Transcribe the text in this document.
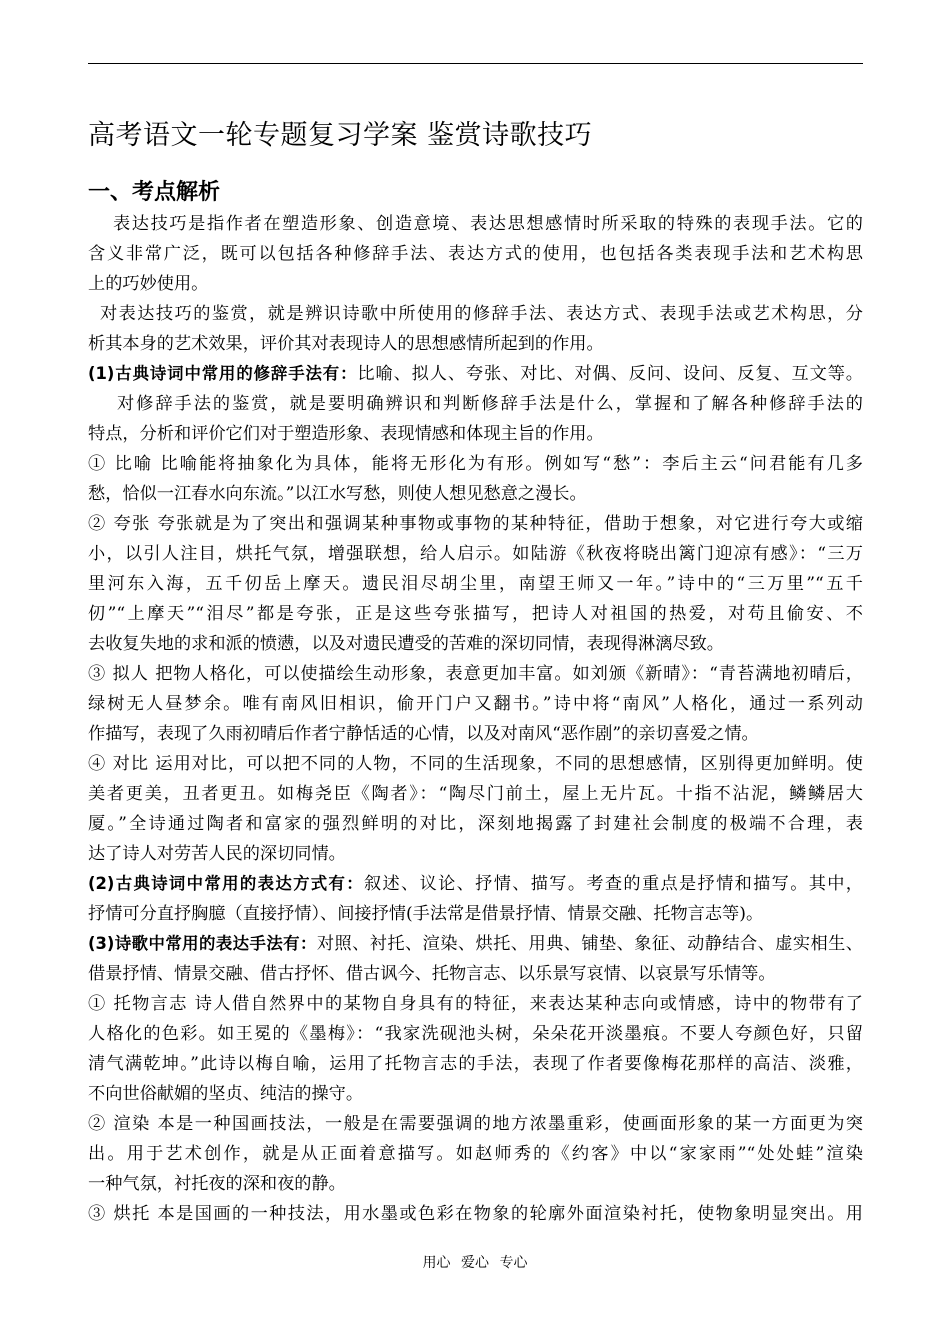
高考语文一轮专题复习学案 鉴赏诗歌技巧
一、考点解析
表达技巧是指作者在塑造形象、创造意境、表达思想感情时所采取的特殊的表现手法。它的
含义非常广泛，既可以包括各种修辞手法、表达方式的使用，也包括各类表现手法和艺术构思
上的巧妙使用。
对表达技巧的鉴赏，就是辨识诗歌中所使用的修辞手法、表达方式、表现手法或艺术构思，分
析其本身的艺术效果，评价其对表现诗人的思想感情所起到的作用。
(1)古典诗词中常用的修辞手法有：比喻、拟人、夸张、对比、对偶、反问、设问、反复、互文等。
对修辞手法的鉴赏，就是要明确辨识和判断修辞手法是什么，掌握和了解各种修辞手法的
特点，分析和评价它们对于塑造形象、表现情感和体现主旨的作用。
① 比喻 比喻能将抽象化为具体，能将无形化为有形。例如写“愁”：李后主云“问君能有几多
愁，恰似一江春水向东流。”以江水写愁，则使人想见愁意之漫长。
② 夸张 夸张就是为了突出和强调某种事物或事物的某种特征，借助于想象，对它进行夸大或缩
小，以引人注目，烘托气氛，增强联想，给人启示。如陆游《秋夜将晓出篱门迎凉有感》：“三万
里河东入海，五千仞岳上摩天。遗民泪尽胡尘里，南望王师又一年。”诗中的“三万里”“五千
仞”“上摩天”“泪尽”都是夸张，正是这些夸张描写，把诗人对祖国的热爱，对苟且偷安、不
去收复失地的求和派的愤懑，以及对遗民遭受的苦难的深切同情，表现得淋漓尽致。
③ 拟人 把物人格化，可以使描绘生动形象，表意更加丰富。如刘颁《新晴》：“青苔满地初晴后，
绿树无人昼梦余。唯有南风旧相识，偷开门户又翻书。”诗中将“南风”人格化，通过一系列动
作描写，表现了久雨初晴后作者宁静恬适的心情，以及对南风“恶作剧”的亲切喜爱之情。
④ 对比 运用对比，可以把不同的人物，不同的生活现象，不同的思想感情，区别得更加鲜明。使
美者更美，丑者更丑。如梅尧臣《陶者》：“陶尽门前土，屋上无片瓦。十指不沾泥，鳞鳞居大
厦。”全诗通过陶者和富家的强烈鲜明的对比，深刻地揭露了封建社会制度的极端不合理，表
达了诗人对劳苦人民的深切同情。
(2)古典诗词中常用的表达方式有：叙述、议论、抒情、描写。考查的重点是抒情和描写。其中，
抒情可分直抒胸臆（直接抒情）、间接抒情(手法常是借景抒情、情景交融、托物言志等)。
(3)诗歌中常用的表达手法有：对照、衬托、渲染、烘托、用典、铺垫、象征、动静结合、虚实相生、
借景抒情、情景交融、借古抒怀、借古讽今、托物言志、以乐景写哀情、以哀景写乐情等。
① 托物言志 诗人借自然界中的某物自身具有的特征，来表达某种志向或情感，诗中的物带有了
人格化的色彩。如王冕的《墨梅》：“我家洗砚池头树，朵朵花开淡墨痕。不要人夸颜色好，只留
清气满乾坤。”此诗以梅自喻，运用了托物言志的手法，表现了作者要像梅花那样的高洁、淡雅，
不向世俗献媚的坚贞、纯洁的操守。
② 渲染 本是一种国画技法，一般是在需要强调的地方浓墨重彩，使画面形象的某一方面更为突
出。用于艺术创作，就是从正面着意描写。如赵师秀的《约客》中以“家家雨”“处处蛙”渲染
一种气氛，衬托夜的深和夜的静。
③ 烘托 本是国画的一种技法，用水墨或色彩在物象的轮廓外面渲染衬托，使物象明显突出。用
用心 爱心 专心
